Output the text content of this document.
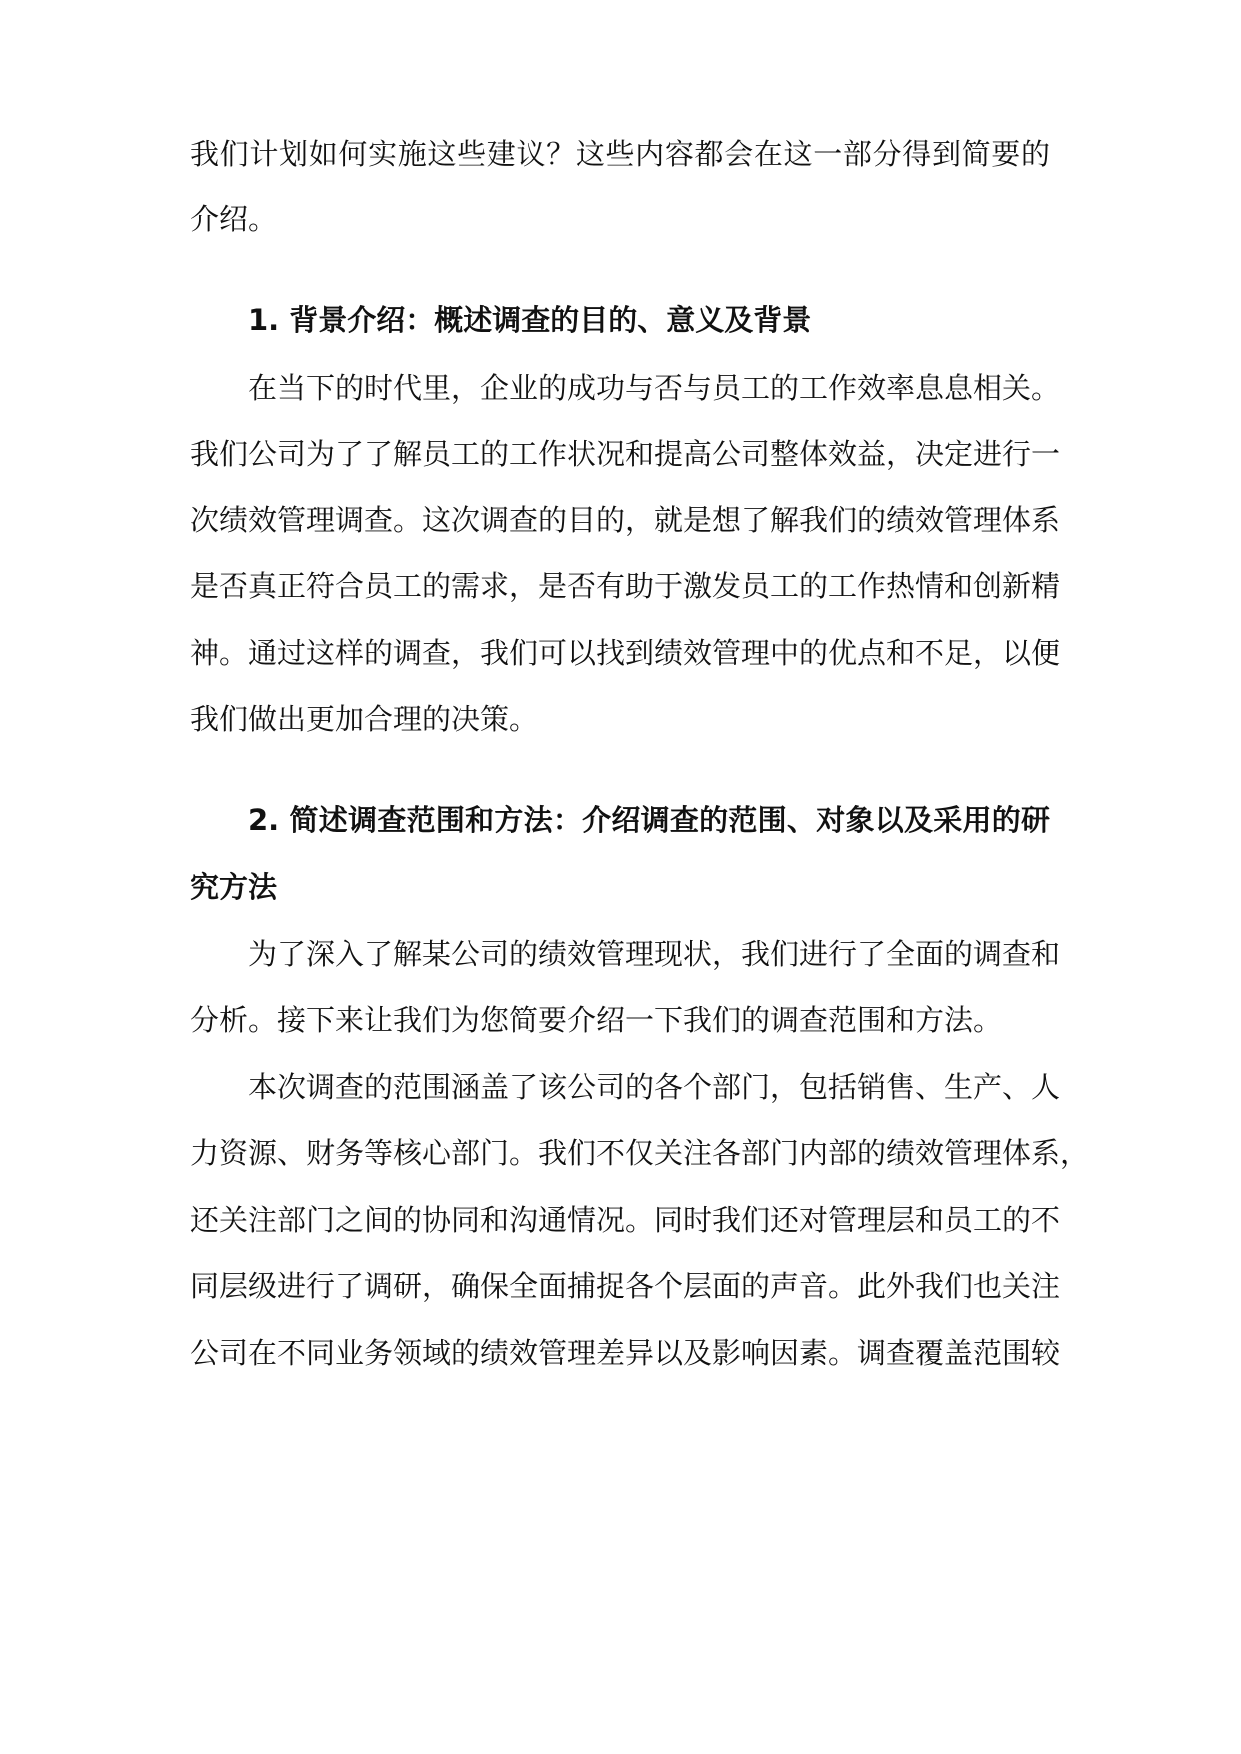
我们计划如何实施这些建议？这些内容都会在这一部分得到简要的
介绍。
1. 背景介绍：概述调查的目的、意义及背景
在当下的时代里，企业的成功与否与员工的工作效率息息相关。
我们公司为了了解员工的工作状况和提高公司整体效益，决定进行一
次绩效管理调查。这次调查的目的，就是想了解我们的绩效管理体系
是否真正符合员工的需求，是否有助于激发员工的工作热情和创新精
神。通过这样的调查，我们可以找到绩效管理中的优点和不足，以便
我们做出更加合理的决策。
2. 简述调查范围和方法：介绍调查的范围、对象以及采用的研
究方法
为了深入了解某公司的绩效管理现状，我们进行了全面的调查和
分析。接下来让我们为您简要介绍一下我们的调查范围和方法。
本次调查的范围涵盖了该公司的各个部门，包括销售、生产、人
力资源、财务等核心部门。我们不仅关注各部门内部的绩效管理体系，
还关注部门之间的协同和沟通情况。同时我们还对管理层和员工的不
同层级进行了调研，确保全面捕捉各个层面的声音。此外我们也关注
公司在不同业务领域的绩效管理差异以及影响因素。调查覆盖范围较
